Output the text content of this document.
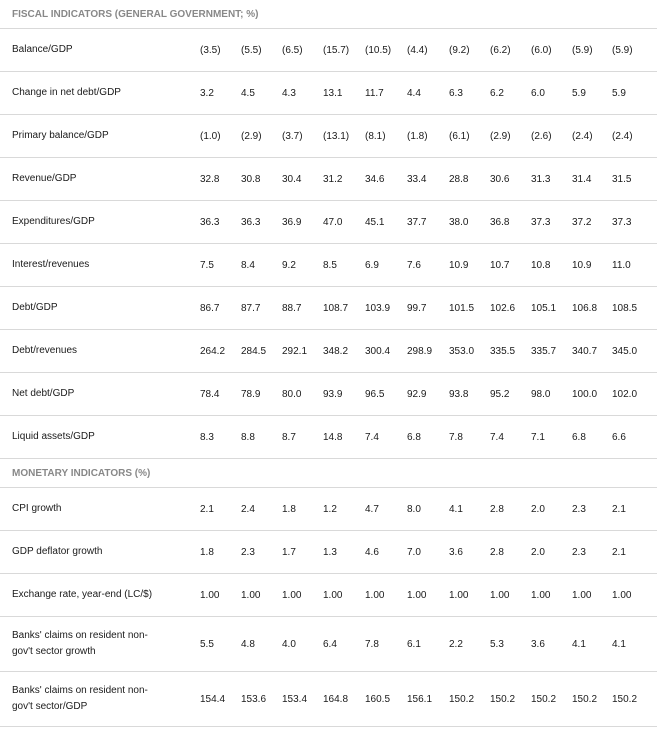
FISCAL INDICATORS (GENERAL GOVERNMENT; %)											
Balance/GDP	(3.5)	(5.5)	(6.5)	(15.7)	(10.5)	(4.4)	(9.2)	(6.2)	(6.0)	(5.9)	(5.9)
Change in net debt/GDP	3.2	4.5	4.3	13.1	11.7	4.4	6.3	6.2	6.0	5.9	5.9
Primary balance/GDP	(1.0)	(2.9)	(3.7)	(13.1)	(8.1)	(1.8)	(6.1)	(2.9)	(2.6)	(2.4)	(2.4)
Revenue/GDP	32.8	30.8	30.4	31.2	34.6	33.4	28.8	30.6	31.3	31.4	31.5
Expenditures/GDP	36.3	36.3	36.9	47.0	45.1	37.7	38.0	36.8	37.3	37.2	37.3
Interest/revenues	7.5	8.4	9.2	8.5	6.9	7.6	10.9	10.7	10.8	10.9	11.0
Debt/GDP	86.7	87.7	88.7	108.7	103.9	99.7	101.5	102.6	105.1	106.8	108.5
Debt/revenues	264.2	284.5	292.1	348.2	300.4	298.9	353.0	335.5	335.7	340.7	345.0
Net debt/GDP	78.4	78.9	80.0	93.9	96.5	92.9	93.8	95.2	98.0	100.0	102.0
Liquid assets/GDP	8.3	8.8	8.7	14.8	7.4	6.8	7.8	7.4	7.1	6.8	6.6
MONETARY INDICATORS (%)											
CPI growth	2.1	2.4	1.8	1.2	4.7	8.0	4.1	2.8	2.0	2.3	2.1
GDP deflator growth	1.8	2.3	1.7	1.3	4.6	7.0	3.6	2.8	2.0	2.3	2.1
Exchange rate, year-end (LC/$)	1.00	1.00	1.00	1.00	1.00	1.00	1.00	1.00	1.00	1.00	1.00
Banks' claims on resident non-gov't sector growth	5.5	4.8	4.0	6.4	7.8	6.1	2.2	5.3	3.6	4.1	4.1
Banks' claims on resident non-gov't sector/GDP	154.4	153.6	153.4	164.8	160.5	156.1	150.2	150.2	150.2	150.2	150.2
